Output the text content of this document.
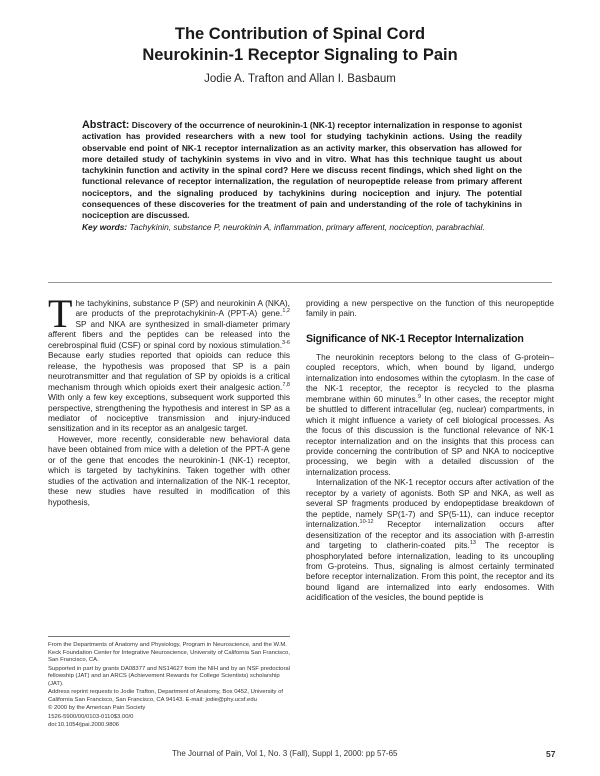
The Contribution of Spinal Cord
Neurokinin-1 Receptor Signaling to Pain
Jodie A. Trafton and Allan I. Basbaum
Abstract: Discovery of the occurrence of neurokinin-1 (NK-1) receptor internalization in response to agonist activation has provided researchers with a new tool for studying tachykinin actions. Using the readily observable end point of NK-1 receptor internalization as an activity marker, this observation has allowed for more detailed study of tachykinin systems in vivo and in vitro. What has this technique taught us about tachykinin function and activity in the spinal cord? Here we discuss recent findings, which shed light on the functional relevance of receptor internalization, the regulation of neuropeptide release from primary afferent nociceptors, and the signaling produced by tachykinins during nociception and injury. The potential consequences of these discoveries for the treatment of pain and understanding of the role of tachykinins in nociception are discussed.
Key words: Tachykinin, substance P, neurokinin A, inflammation, primary afferent, nociception, parabrachial.

The tachykinins, substance P (SP) and neurokinin A (NKA), are products of the preprotachykinin-A (PPT-A) gene.$^{1,2}$ SP and NKA are synthesized in small-diameter primary afferent fibers and the peptides can be released into the cerebrospinal fluid (CSF) or spinal cord by noxious stimulation.$^{3-6}$ Because early studies reported that opioids can reduce this release, the hypothesis was proposed that SP is a pain neurotransmitter and that regulation of SP by opioids is a critical mechanism through which opioids exert their analgesic action.$^{7,8}$ With only a few key exceptions, subsequent work supported this perspective, strengthening the hypothesis and interest in SP as a mediator of nociceptive transmission and injury-induced sensitization and in its receptor as an analgesic target.

However, more recently, considerable new behavioral data have been obtained from mice with a deletion of the PPT-A gene or of the gene that encodes the neurokinin-1 (NK-1) receptor, which is targeted by tachykinins. Taken together with other studies of the activation and internalization of the NK-1 receptor, these new studies have resulted in modification of this hypothesis,

From the Departments of Anatomy and Physiology, Program in Neuroscience, and the W.M. Keck Foundation Center for Integrative Neuroscience, University of California San Francisco, San Francisco, CA.

Supported in part by grants DA08377 and NS14627 from the NIH and by an NSF predoctoral fellowship (JAT) and an ARCS (Achievement Rewards for College Scientists) scholarship (JAT).

Address reprint requests to Jodie Trafton, Department of Anatomy, Box 0452, University of California San Francisco, San Francisco, CA 94143. E-mail: jodie@phy.ucsf.edu

© 2000 by the American Pain Society

1526-5900/00/0103-0110$3.00/0

doi:10.1054/jpai.2000.9806

providing a new perspective on the function of this neuropeptide family in pain.

Significance of NK-1 Receptor Internalization

The neurokinin receptors belong to the class of G-protein–coupled receptors, which, when bound by ligand, undergo internalization into endosomes within the cytoplasm. In the case of the NK-1 receptor, the receptor is recycled to the plasma membrane within 60 minutes.$^9$ In other cases, the receptor might be shuttled to different intracellular (eg, nuclear) compartments, in which it might influence a variety of cell biological processes. As the focus of this discussion is the functional relevance of NK-1 receptor internalization and on the insights that this process can provide concerning the contribution of SP and NKA to nociceptive processing, we begin with a detailed discussion of the internalization process.

Internalization of the NK-1 receptor occurs after activation of the receptor by a variety of agonists. Both SP and NKA, as well as several SP fragments produced by endopeptidase breakdown of the peptide, namely SP(1-7) and SP(5-11), can induce receptor internalization.$^{10-12}$ Receptor internalization occurs after desensitization of the receptor and its association with β-arrestin and targeting to clatherin-coated pits.$^{13}$ The receptor is phosphorylated before internalization, leading to its uncoupling from G-proteins. Thus, signaling is almost certainly terminated before receptor internalization. From this point, the receptor and its bound ligand are internalized into early endosomes. With acidification of the vesicles, the bound peptide is

The Journal of Pain, Vol 1, No. 3 (Fall), Suppl 1, 2000: pp 57-65	57
